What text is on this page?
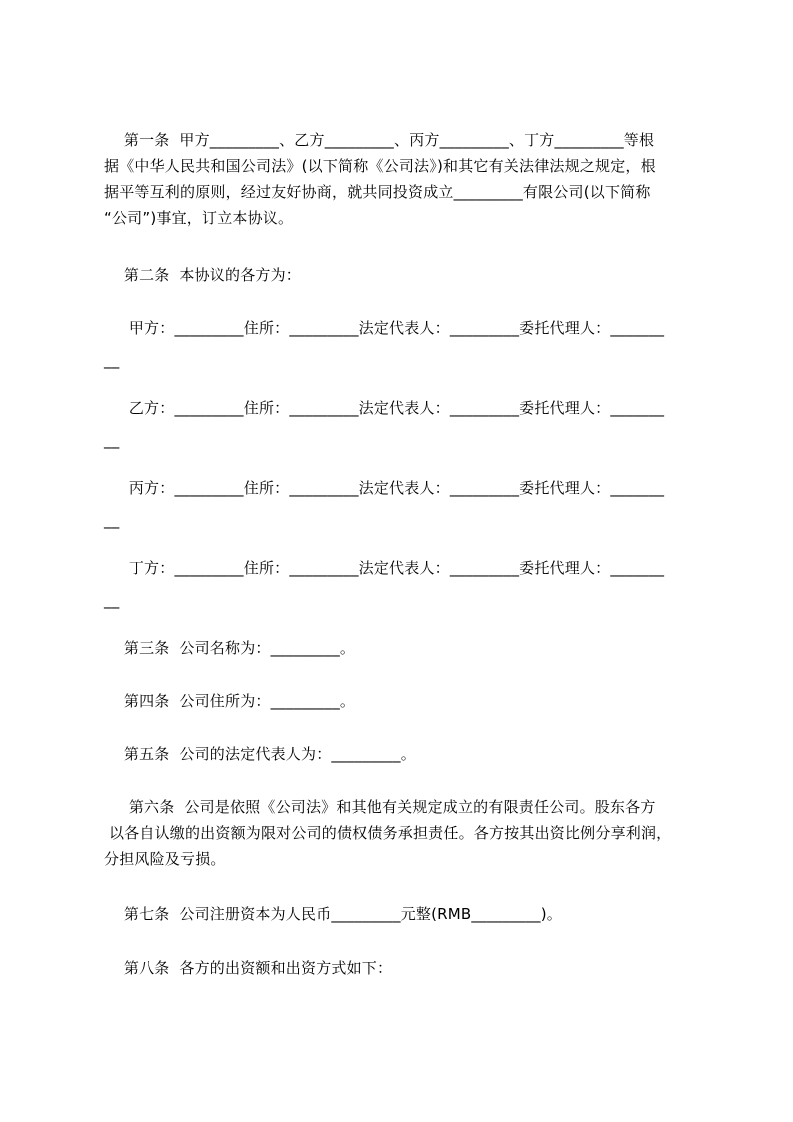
第一条  甲方_________、乙方_________、丙方_________、丁方_________等根
据《中华人民共和国公司法》(以下简称《公司法》)和其它有关法律法规之规定，根
据平等互利的原则，经过友好协商，就共同投资成立_________有限公司(以下简称
“公司”)事宜，订立本协议。
第二条  本协议的各方为：
甲方：_________住所：_________法定代表人：_________委托代理人：_______
__
乙方：_________住所：_________法定代表人：_________委托代理人：_______
__
丙方：_________住所：_________法定代表人：_________委托代理人：_______
__
丁方：_________住所：_________法定代表人：_________委托代理人：_______
__
第三条  公司名称为：_________。
第四条  公司住所为：_________。
第五条  公司的法定代表人为：_________。
第六条  公司是依照《公司法》和其他有关规定成立的有限责任公司。股东各方
以各自认缴的出资额为限对公司的债权债务承担责任。各方按其出资比例分享利润，
分担风险及亏损。
第七条  公司注册资本为人民币_________元整(RMB_________)。
第八条  各方的出资额和出资方式如下：
